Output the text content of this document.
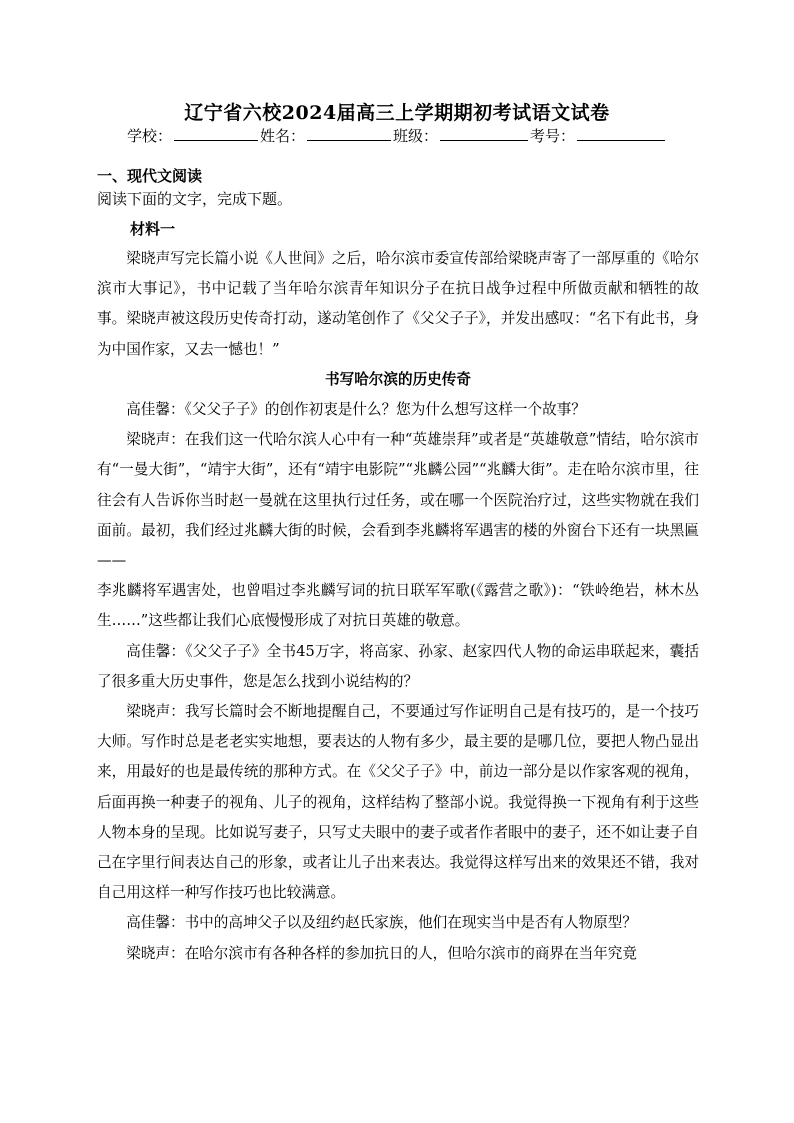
辽宁省六校2024届高三上学期期初考试语文试卷
学校：	姓名：	班级：	考号：
一、现代文阅读
阅读下面的文字，完成下题。
材料一

梁晓声写完长篇小说《人世间》之后，哈尔滨市委宣传部给梁晓声寄了一部厚重的《哈尔滨市大事记》，书中记载了当年哈尔滨青年知识分子在抗日战争过程中所做贡献和牺牲的故事。梁晓声被这段历史传奇打动，遂动笔创作了《父父子子》，并发出感叹：“名下有此书，身为中国作家，又去一憾也！”

书写哈尔滨的历史传奇

高佳馨：《父父子子》的创作初衷是什么？您为什么想写这样一个故事？

梁晓声：在我们这一代哈尔滨人心中有一种“英雄崇拜”或者是“英雄敬意”情结，哈尔滨市有“一曼大街”，“靖宇大街”，还有“靖宇电影院”“兆麟公园”“兆麟大街”。走在哈尔滨市里，往往会有人告诉你当时赵一曼就在这里执行过任务，或在哪一个医院治疗过，这些实物就在我们面前。最初，我们经过兆麟大街的时候，会看到李兆麟将军遇害的楼的外窗台下还有一块黑匾——

李兆麟将军遇害处，也曾唱过李兆麟写词的抗日联军军歌(《露营之歌》)：“铁岭绝岩，林木丛生……”这些都让我们心底慢慢形成了对抗日英雄的敬意。

高佳馨：《父父子子》全书45万字，将高家、孙家、赵家四代人物的命运串联起来，囊括了很多重大历史事件，您是怎么找到小说结构的？

梁晓声：我写长篇时会不断地提醒自己，不要通过写作证明自己是有技巧的，是一个技巧大师。写作时总是老老实实地想，要表达的人物有多少，最主要的是哪几位，要把人物凸显出来，用最好的也是最传统的那种方式。在《父父子子》中，前边一部分是以作家客观的视角，后面再换一种妻子的视角、儿子的视角，这样结构了整部小说。我觉得换一下视角有利于这些人物本身的呈现。比如说写妻子，只写丈夫眼中的妻子或者作者眼中的妻子，还不如让妻子自己在字里行间表达自己的形象，或者让儿子出来表达。我觉得这样写出来的效果还不错，我对自己用这样一种写作技巧也比较满意。

高佳馨：书中的高坤父子以及纽约赵氏家族，他们在现实当中是否有人物原型？

梁晓声：在哈尔滨市有各种各样的参加抗日的人，但哈尔滨市的商界在当年究竟
